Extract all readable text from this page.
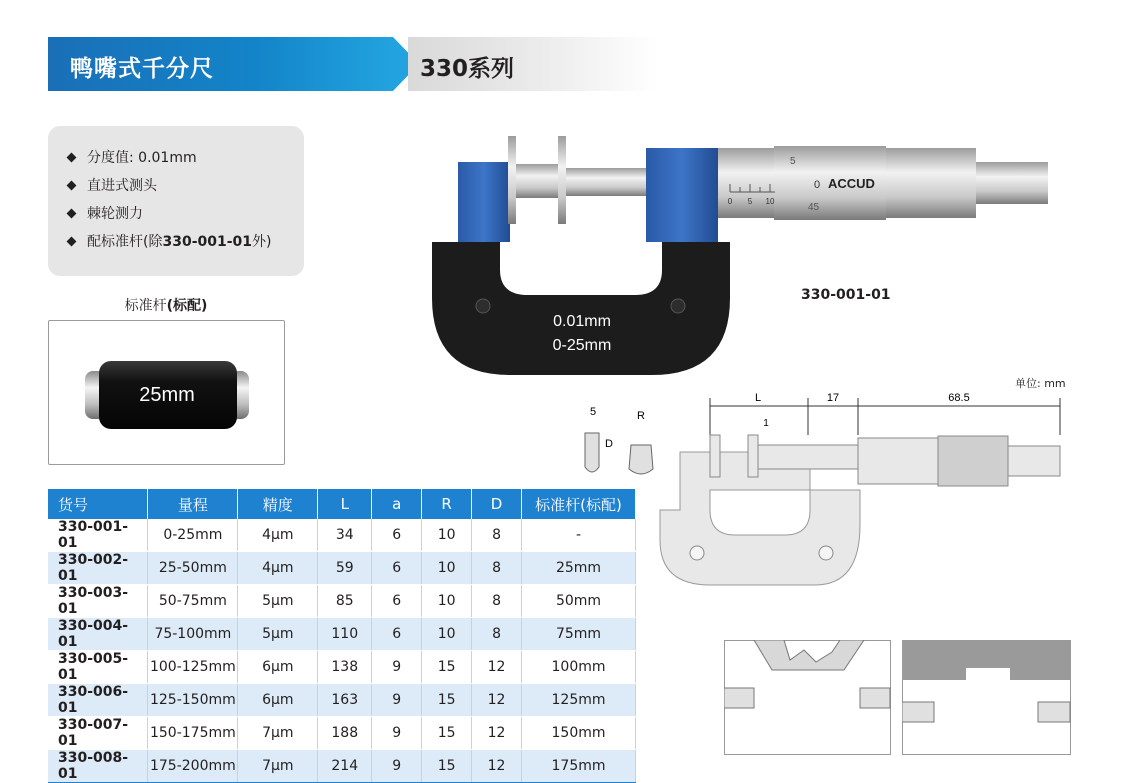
鸭嘴式千分尺	330系列
分度值: 0.01mm
直进式测头
棘轮测力
配标准杆(除330-001-01外)
标准杆(标配)
25mm
0.01mm
0-25mm
0 5 10
5
0
45
ACCUD
330-001-01
单位: mm
L	17	68.5
1
5
D
R
货号	量程	精度	L	a	R	D	标准杆(标配)
330-001-01	0-25mm	4μm	34	6	10	8	-
330-002-01	25-50mm	4μm	59	6	10	8	25mm
330-003-01	50-75mm	5μm	85	6	10	8	50mm
330-004-01	75-100mm	5μm	110	6	10	8	75mm
330-005-01	100-125mm	6μm	138	9	15	12	100mm
330-006-01	125-150mm	6μm	163	9	15	12	125mm
330-007-01	150-175mm	7μm	188	9	15	12	150mm
330-008-01	175-200mm	7μm	214	9	15	12	175mm
